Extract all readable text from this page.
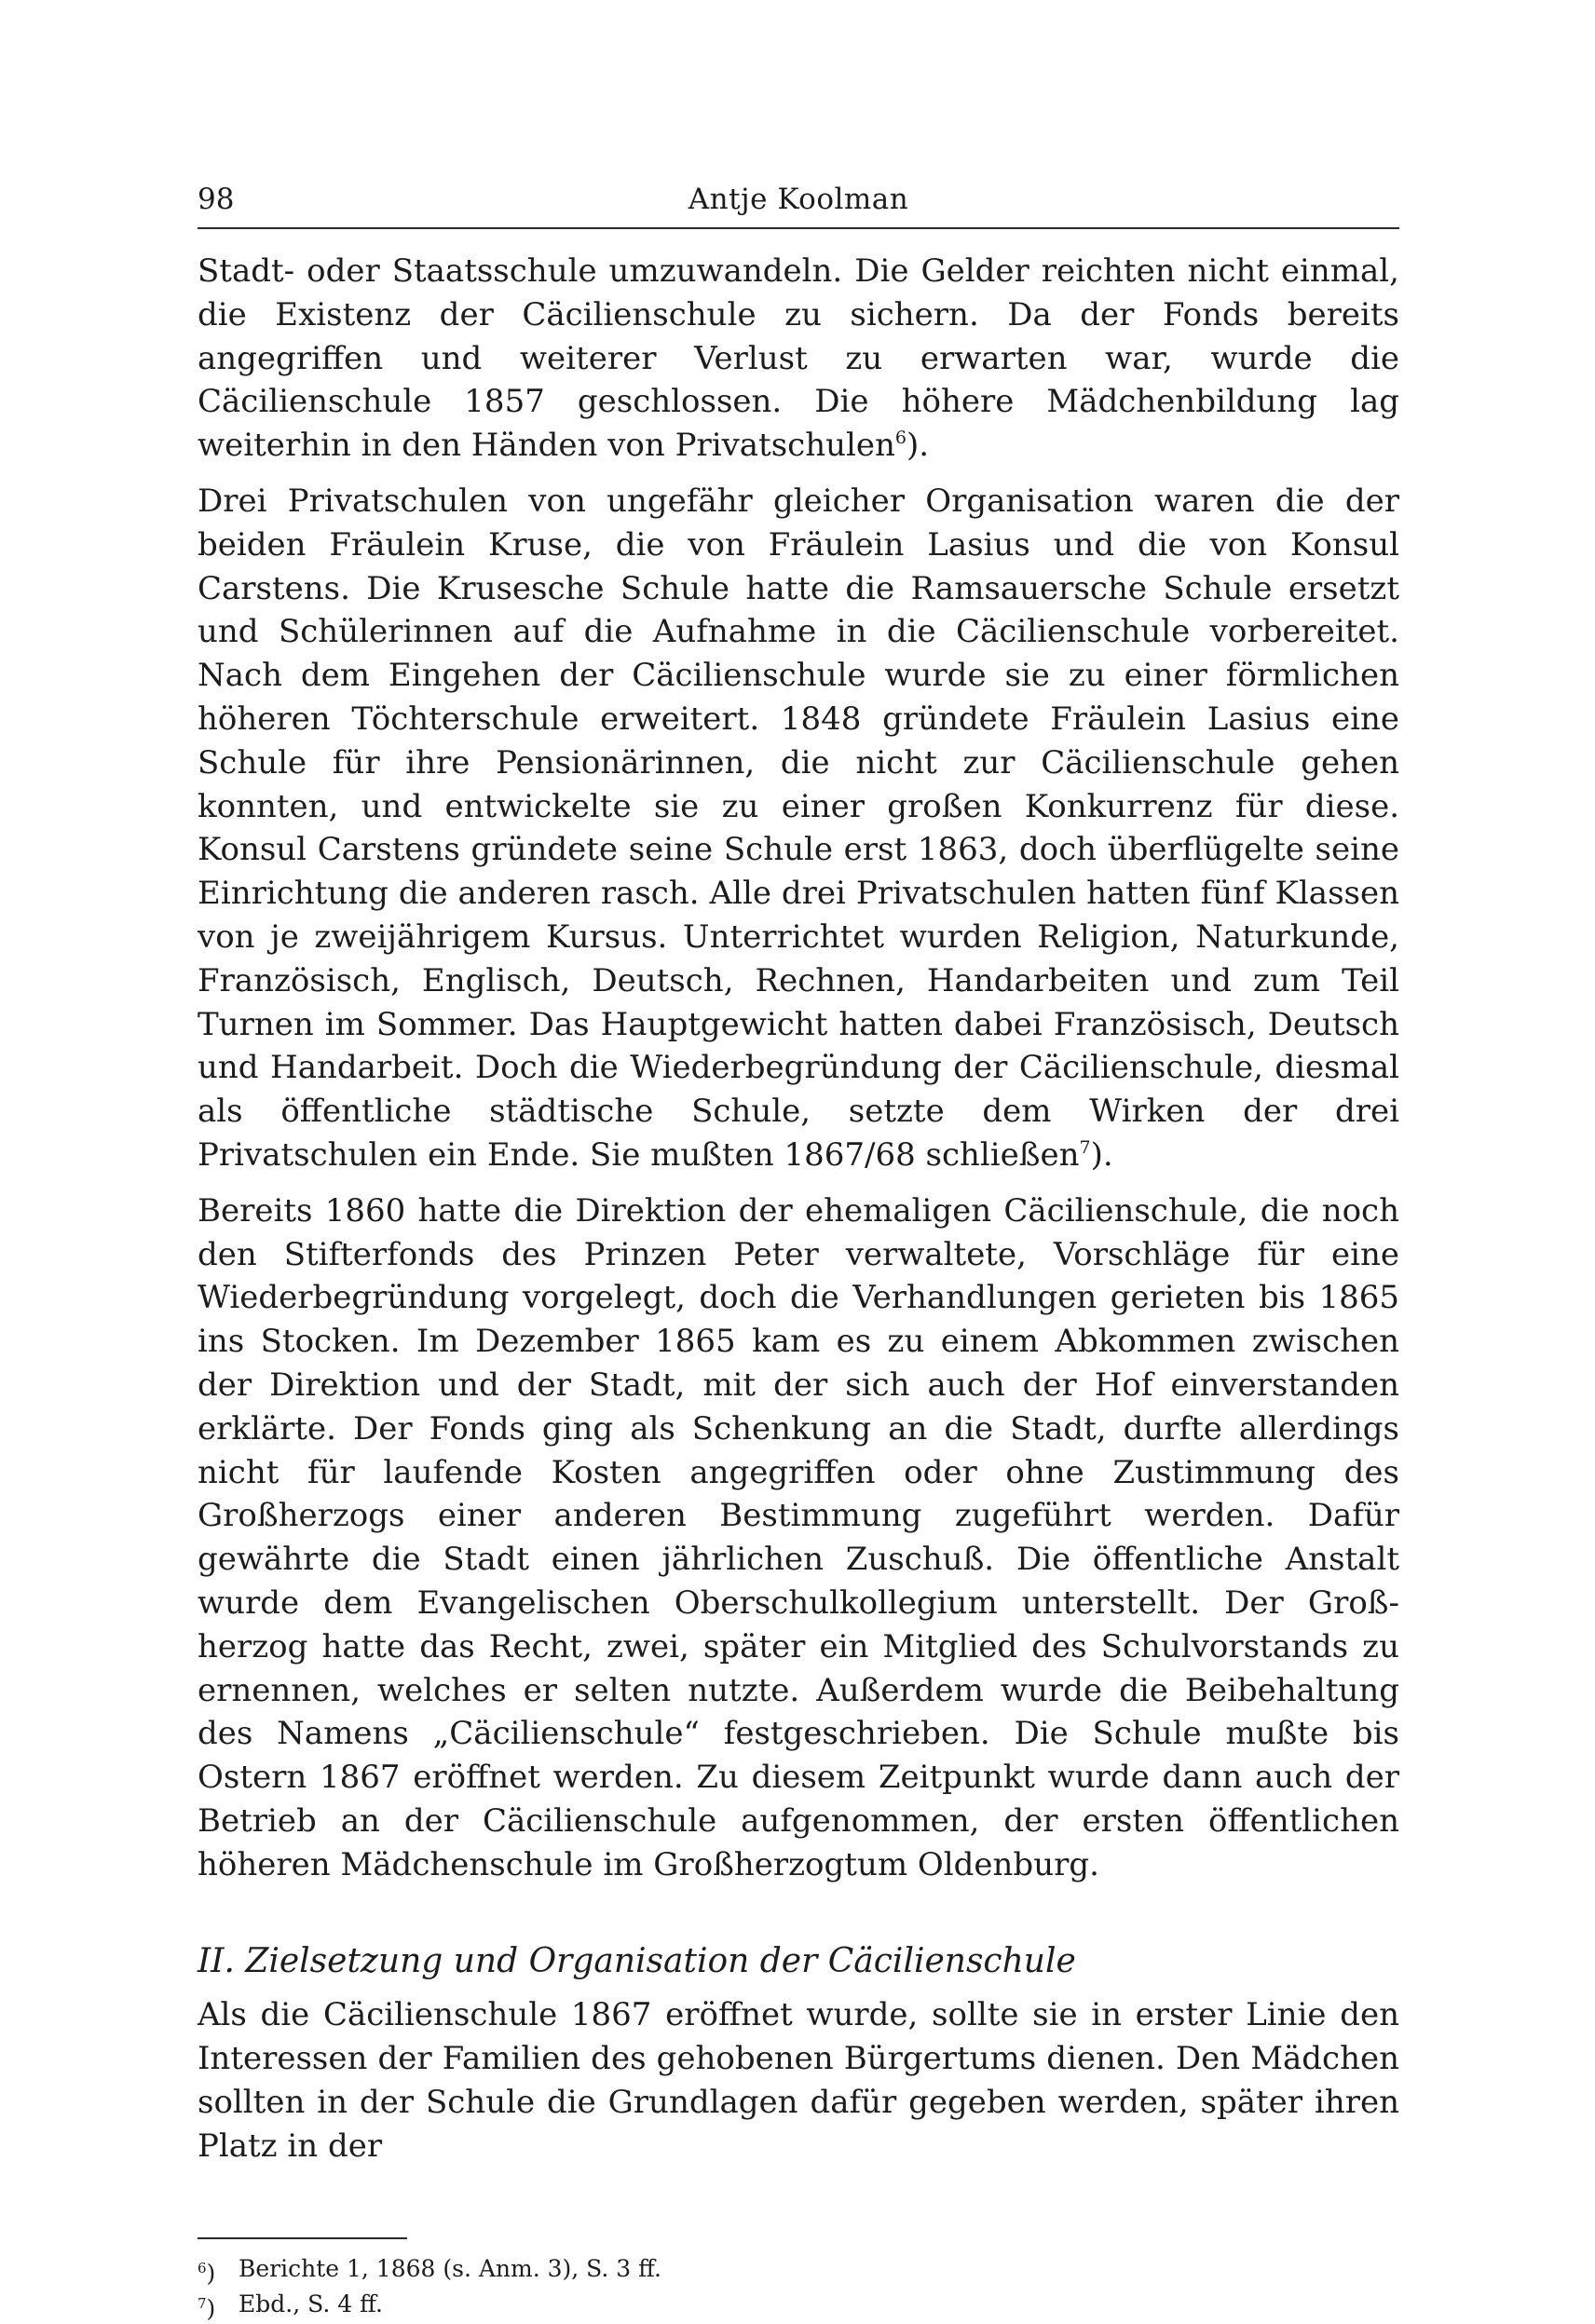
98	Antje Koolman

Stadt- oder Staatsschule umzuwandeln. Die Gelder reichten nicht einmal, die Existenz der Cäcilienschule zu sichern. Da der Fonds bereits angegriffen und weiterer Verlust zu erwarten war, wurde die Cäcilienschule 1857 geschlossen. Die höhere Mädchenbildung lag weiterhin in den Händen von Privatschulen$^6$).

Drei Privatschulen von ungefähr gleicher Organisation waren die der beiden Fräulein Kruse, die von Fräulein Lasius und die von Konsul Carstens. Die Krusesche Schule hatte die Ramsauersche Schule ersetzt und Schülerinnen auf die Aufnahme in die Cäcilienschule vorbereitet. Nach dem Eingehen der Cäcilienschule wurde sie zu einer förmlichen höheren Töchterschule erweitert. 1848 gründete Fräulein Lasius eine Schule für ihre Pensionärinnen, die nicht zur Cäcilienschule gehen konnten, und entwickelte sie zu einer großen Konkurrenz für diese. Konsul Carstens gründete seine Schule erst 1863, doch überflügelte seine Einrichtung die anderen rasch. Alle drei Privatschulen hatten fünf Klassen von je zweijährigem Kursus. Unterrichtet wurden Religion, Naturkunde, Französisch, Englisch, Deutsch, Rechnen, Handarbeiten und zum Teil Turnen im Sommer. Das Hauptgewicht hatten dabei Französisch, Deutsch und Handarbeit. Doch die Wiederbegründung der Cäcilienschule, diesmal als öffentliche städtische Schule, setzte dem Wirken der drei Privatschulen ein Ende. Sie mußten 1867/68 schließen$^7$).

Bereits 1860 hatte die Direktion der ehemaligen Cäcilienschule, die noch den Stifterfonds des Prinzen Peter verwaltete, Vorschläge für eine Wiederbegründung vorgelegt, doch die Verhandlungen gerieten bis 1865 ins Stocken. Im Dezember 1865 kam es zu einem Abkommen zwischen der Direktion und der Stadt, mit der sich auch der Hof einverstanden erklärte. Der Fonds ging als Schenkung an die Stadt, durfte allerdings nicht für laufende Kosten angegriffen oder ohne Zustimmung des Großherzogs einer anderen Bestimmung zugeführt werden. Dafür gewährte die Stadt einen jährlichen Zuschuß. Die öffentliche Anstalt wurde dem Evangelischen Oberschulkollegium unterstellt. Der Großherzog hatte das Recht, zwei, später ein Mitglied des Schulvorstands zu ernennen, welches er selten nutzte. Außerdem wurde die Beibehaltung des Namens „Cäcilienschule“ festgeschrieben. Die Schule mußte bis Ostern 1867 eröffnet werden. Zu diesem Zeitpunkt wurde dann auch der Betrieb an der Cäcilienschule aufgenommen, der ersten öffentlichen höheren Mädchenschule im Großherzogtum Oldenburg.

II. Zielsetzung und Organisation der Cäcilienschule

Als die Cäcilienschule 1867 eröffnet wurde, sollte sie in erster Linie den Interessen der Familien des gehobenen Bürgertums dienen. Den Mädchen sollten in der Schule die Grundlagen dafür gegeben werden, später ihren Platz in der

$^6$) Berichte 1, 1868 (s. Anm. 3), S. 3 ff.
$^7$) Ebd., S. 4 ff.
